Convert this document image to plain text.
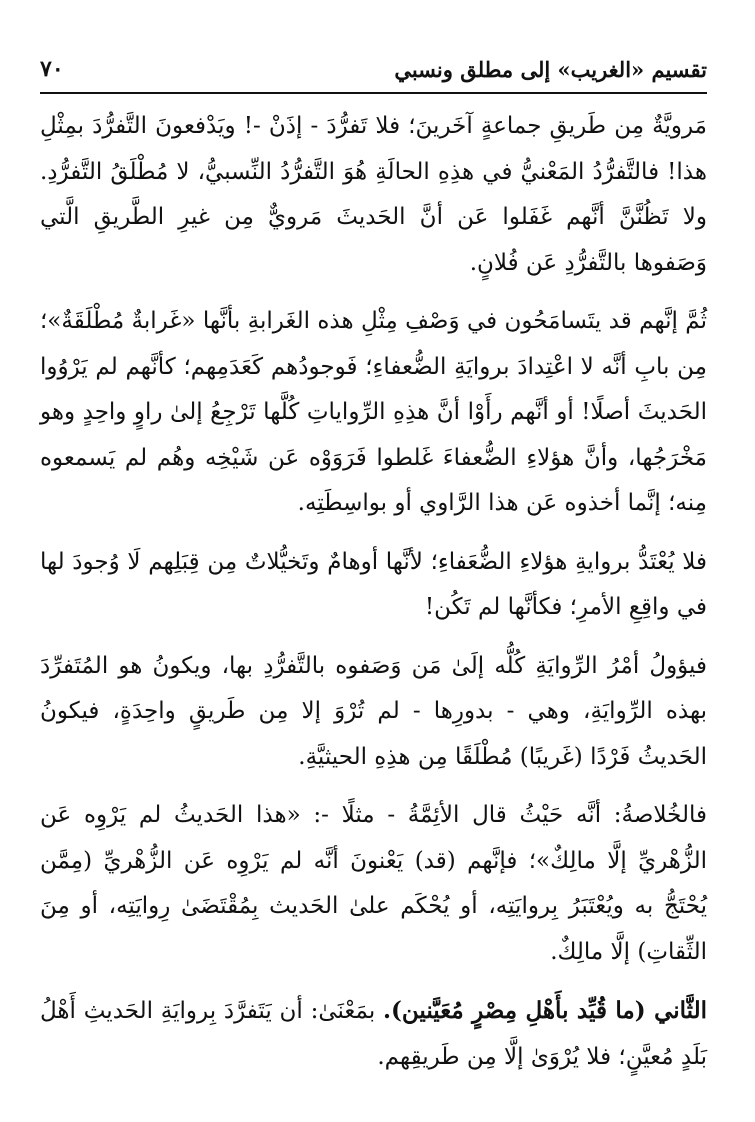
تقسيم «الغريب» إلى مطلق ونسبي
٧٠

مَرويَّةٌ مِن طَريقِ جماعةٍ آخَرينَ؛ فلا تَفرُّدَ - إذَنْ -! ويَدْفعونَ التَّفرُّدَ بمِثْلِ هذا! فالتَّفرُّدُ المَعْنيُّ في هذِهِ الحالَةِ هُوَ التَّفرُّدُ النِّسبيُّ، لا مُطْلَقُ التَّفرُّدِ. ولا تَظُنَّنَّ أنَّهم غَفَلوا عَن أنَّ الحَديثَ مَرويٌّ مِن غيرِ الطَّريقِ الَّتي وَصَفوها بالتَّفرُّدِ عَن فُلانٍ.

ثُمَّ إنَّهم قد يتَسامَحُون في وَصْفِ مِثْلِ هذه الغَرابةِ بأنَّها «غَرابةٌ مُطْلَقَةٌ»؛ مِن بابِ أنَّه لا اعْتِدادَ بروايَةِ الضُّعفاءِ؛ فَوجودُهم كَعَدَمِهم؛ كأنَّهم لم يَرْوُوا الحَديثَ أصلًا! أو أنَّهم رأَوْا أنَّ هذِهِ الرِّواياتِ كُلَّها تَرْجِعُ إلىٰ راوٍ واحِدٍ وهو مَخْرَجُها، وأنَّ هؤلاءِ الضُّعفاءَ غَلطوا فَرَوَوْه عَن شَيْخِه وهُم لم يَسمعوه مِنه؛ إنَّما أخذوه عَن هذا الرَّاوي أو بواسِطَتِه.

فلا يُعْتَدُّ بروايةِ هؤلاءِ الضُّعَفاءِ؛ لأنَّها أوهامٌ وتَخيُّلاتٌ مِن قِبَلِهم لَا وُجودَ لها في واقِعِ الأمرِ؛ فكأنَّها لم تَكُن!

فيؤولُ أمْرُ الرِّوايَةِ كُلُّه إلَىٰ مَن وَصَفوه بالتَّفرُّدِ بها، ويكونُ هو المُتَفرِّدَ بهذه الرِّوايَةِ، وهي - بدورِها - لم تُرْوَ إلا مِن طَريقٍ واحِدَةٍ، فيكونُ الحَديثُ فَرْدًا (غَريبًا) مُطْلَقًا مِن هذِهِ الحيثيَّةِ.

فالخُلاصةُ: أنَّه حَيْثُ قال الأئِمَّةُ - مثلًا -: «هذا الحَديثُ لم يَرْوِه عَن الزُّهْريِّ إلَّا مالِكٌ»؛ فإنَّهم (قد) يَعْنونَ أنَّه لم يَرْوِه عَن الزُّهْريِّ (مِمَّن يُحْتَجُّ به ويُعْتَبَرُ بِروايَتِه، أو يُحْكَم علىٰ الحَديث بِمُقْتَضَىٰ رِوايَتِه، أو مِنَ الثِّقاتِ) إلَّا مالِكٌ.

الثَّاني (ما قُيِّد بأَهْلِ مِصْرٍ مُعَيَّنين). بمَعْنَىٰ: أن يَتَفرَّدَ بِروايَةِ الحَديثِ أَهْلُ بَلَدٍ مُعيَّنٍ؛ فلا يُرْوَىٰ إلَّا مِن طَريقِهم.
